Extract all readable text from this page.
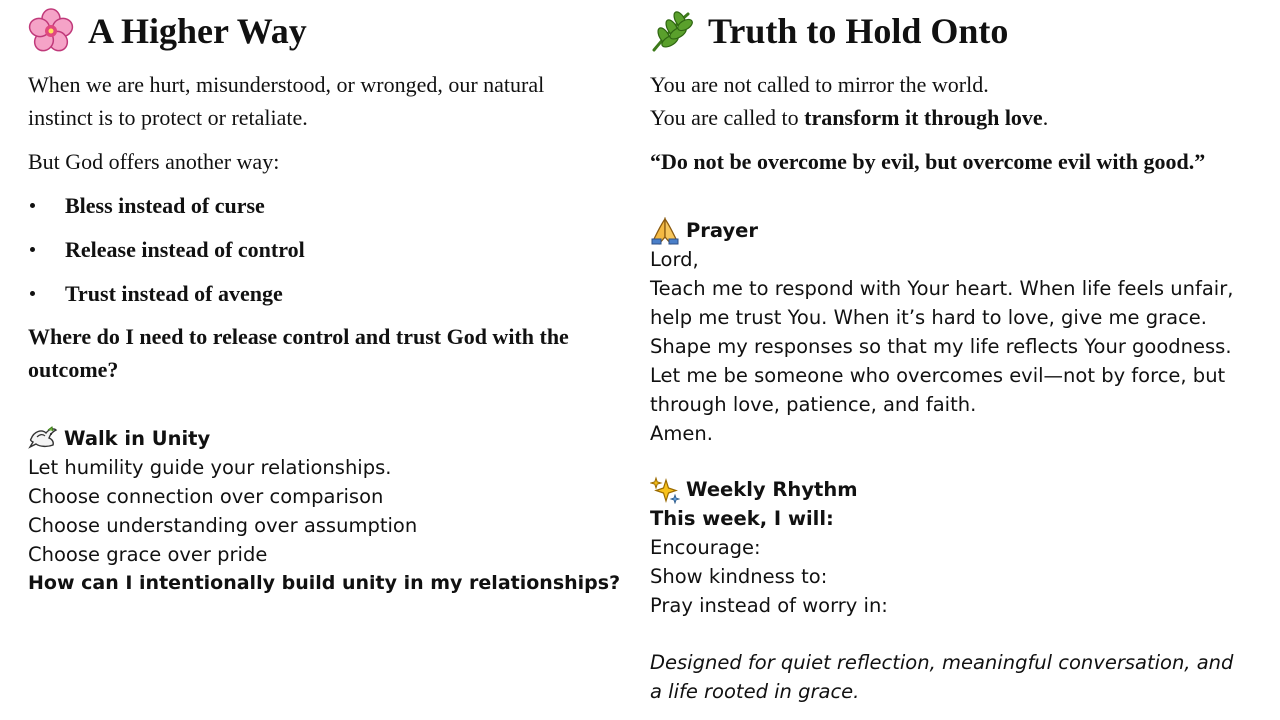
A Higher Way
When we are hurt, misunderstood, or wronged, our natural
instinct is to protect or retaliate.
But God offers another way:
Bless instead of curse
Release instead of control
Trust instead of avenge
Where do I need to release control and trust God with the
outcome?
Walk in Unity
Let humility guide your relationships.
Choose connection over comparison
Choose understanding over assumption
Choose grace over pride
How can I intentionally build unity in my relationships?
Truth to Hold Onto
You are not called to mirror the world.
You are called to transform it through love.
“Do not be overcome by evil, but overcome evil with good.”
Prayer
Lord,
Teach me to respond with Your heart. When life feels unfair,
help me trust You. When it’s hard to love, give me grace.
Shape my responses so that my life reflects Your goodness.
Let me be someone who overcomes evil—not by force, but
through love, patience, and faith.
Amen.
Weekly Rhythm
This week, I will:
Encourage:
Show kindness to:
Pray instead of worry in:
Designed for quiet reflection, meaningful conversation, and
a life rooted in grace.
